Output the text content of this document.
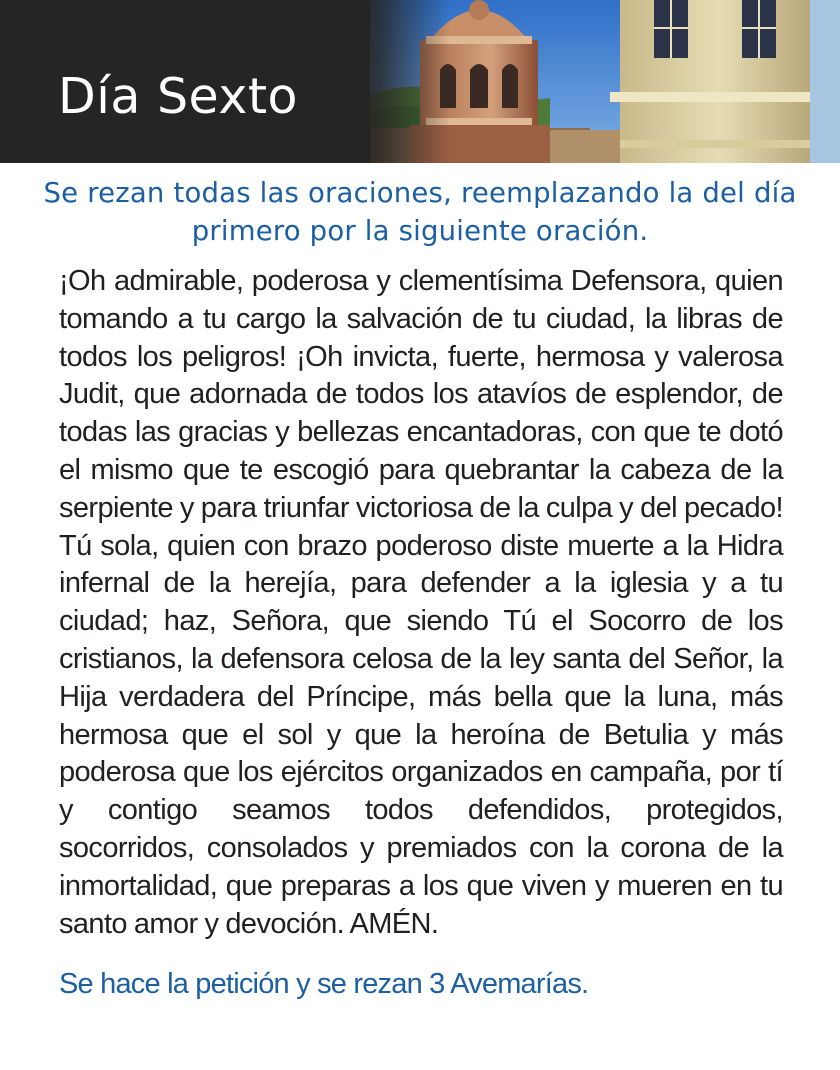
Día Sexto
Se rezan todas las oraciones, reemplazando la del día primero por la siguiente oración.

¡Oh admirable, poderosa y clementísima Defensora, quien tomando a tu cargo la salvación de tu ciudad, la libras de todos los peligros! ¡Oh invicta, fuerte, hermosa y valerosa Judit, que adornada de todos los atavíos de esplendor, de todas las gracias y bellezas encantadoras, con que te dotó el mismo que te escogió para quebrantar la cabeza de la serpiente y para triunfar victoriosa de la culpa y del pecado! Tú sola, quien con brazo poderoso diste muerte a la Hidra infernal de la herejía, para defender a la iglesia y a tu ciudad; haz, Señora, que siendo Tú el Socorro de los cristianos, la defensora celosa de la ley santa del Señor, la Hija verdadera del Príncipe, más bella que la luna, más hermosa que el sol y que la heroína de Betulia y más poderosa que los ejércitos organizados en campaña, por tí y contigo seamos todos defendidos, protegidos, socorridos, consolados y premiados con la corona de la inmortalidad, que preparas a los que viven y mueren en tu santo amor y devoción. AMÉN.

Se hace la petición y se rezan 3 Avemarías.
